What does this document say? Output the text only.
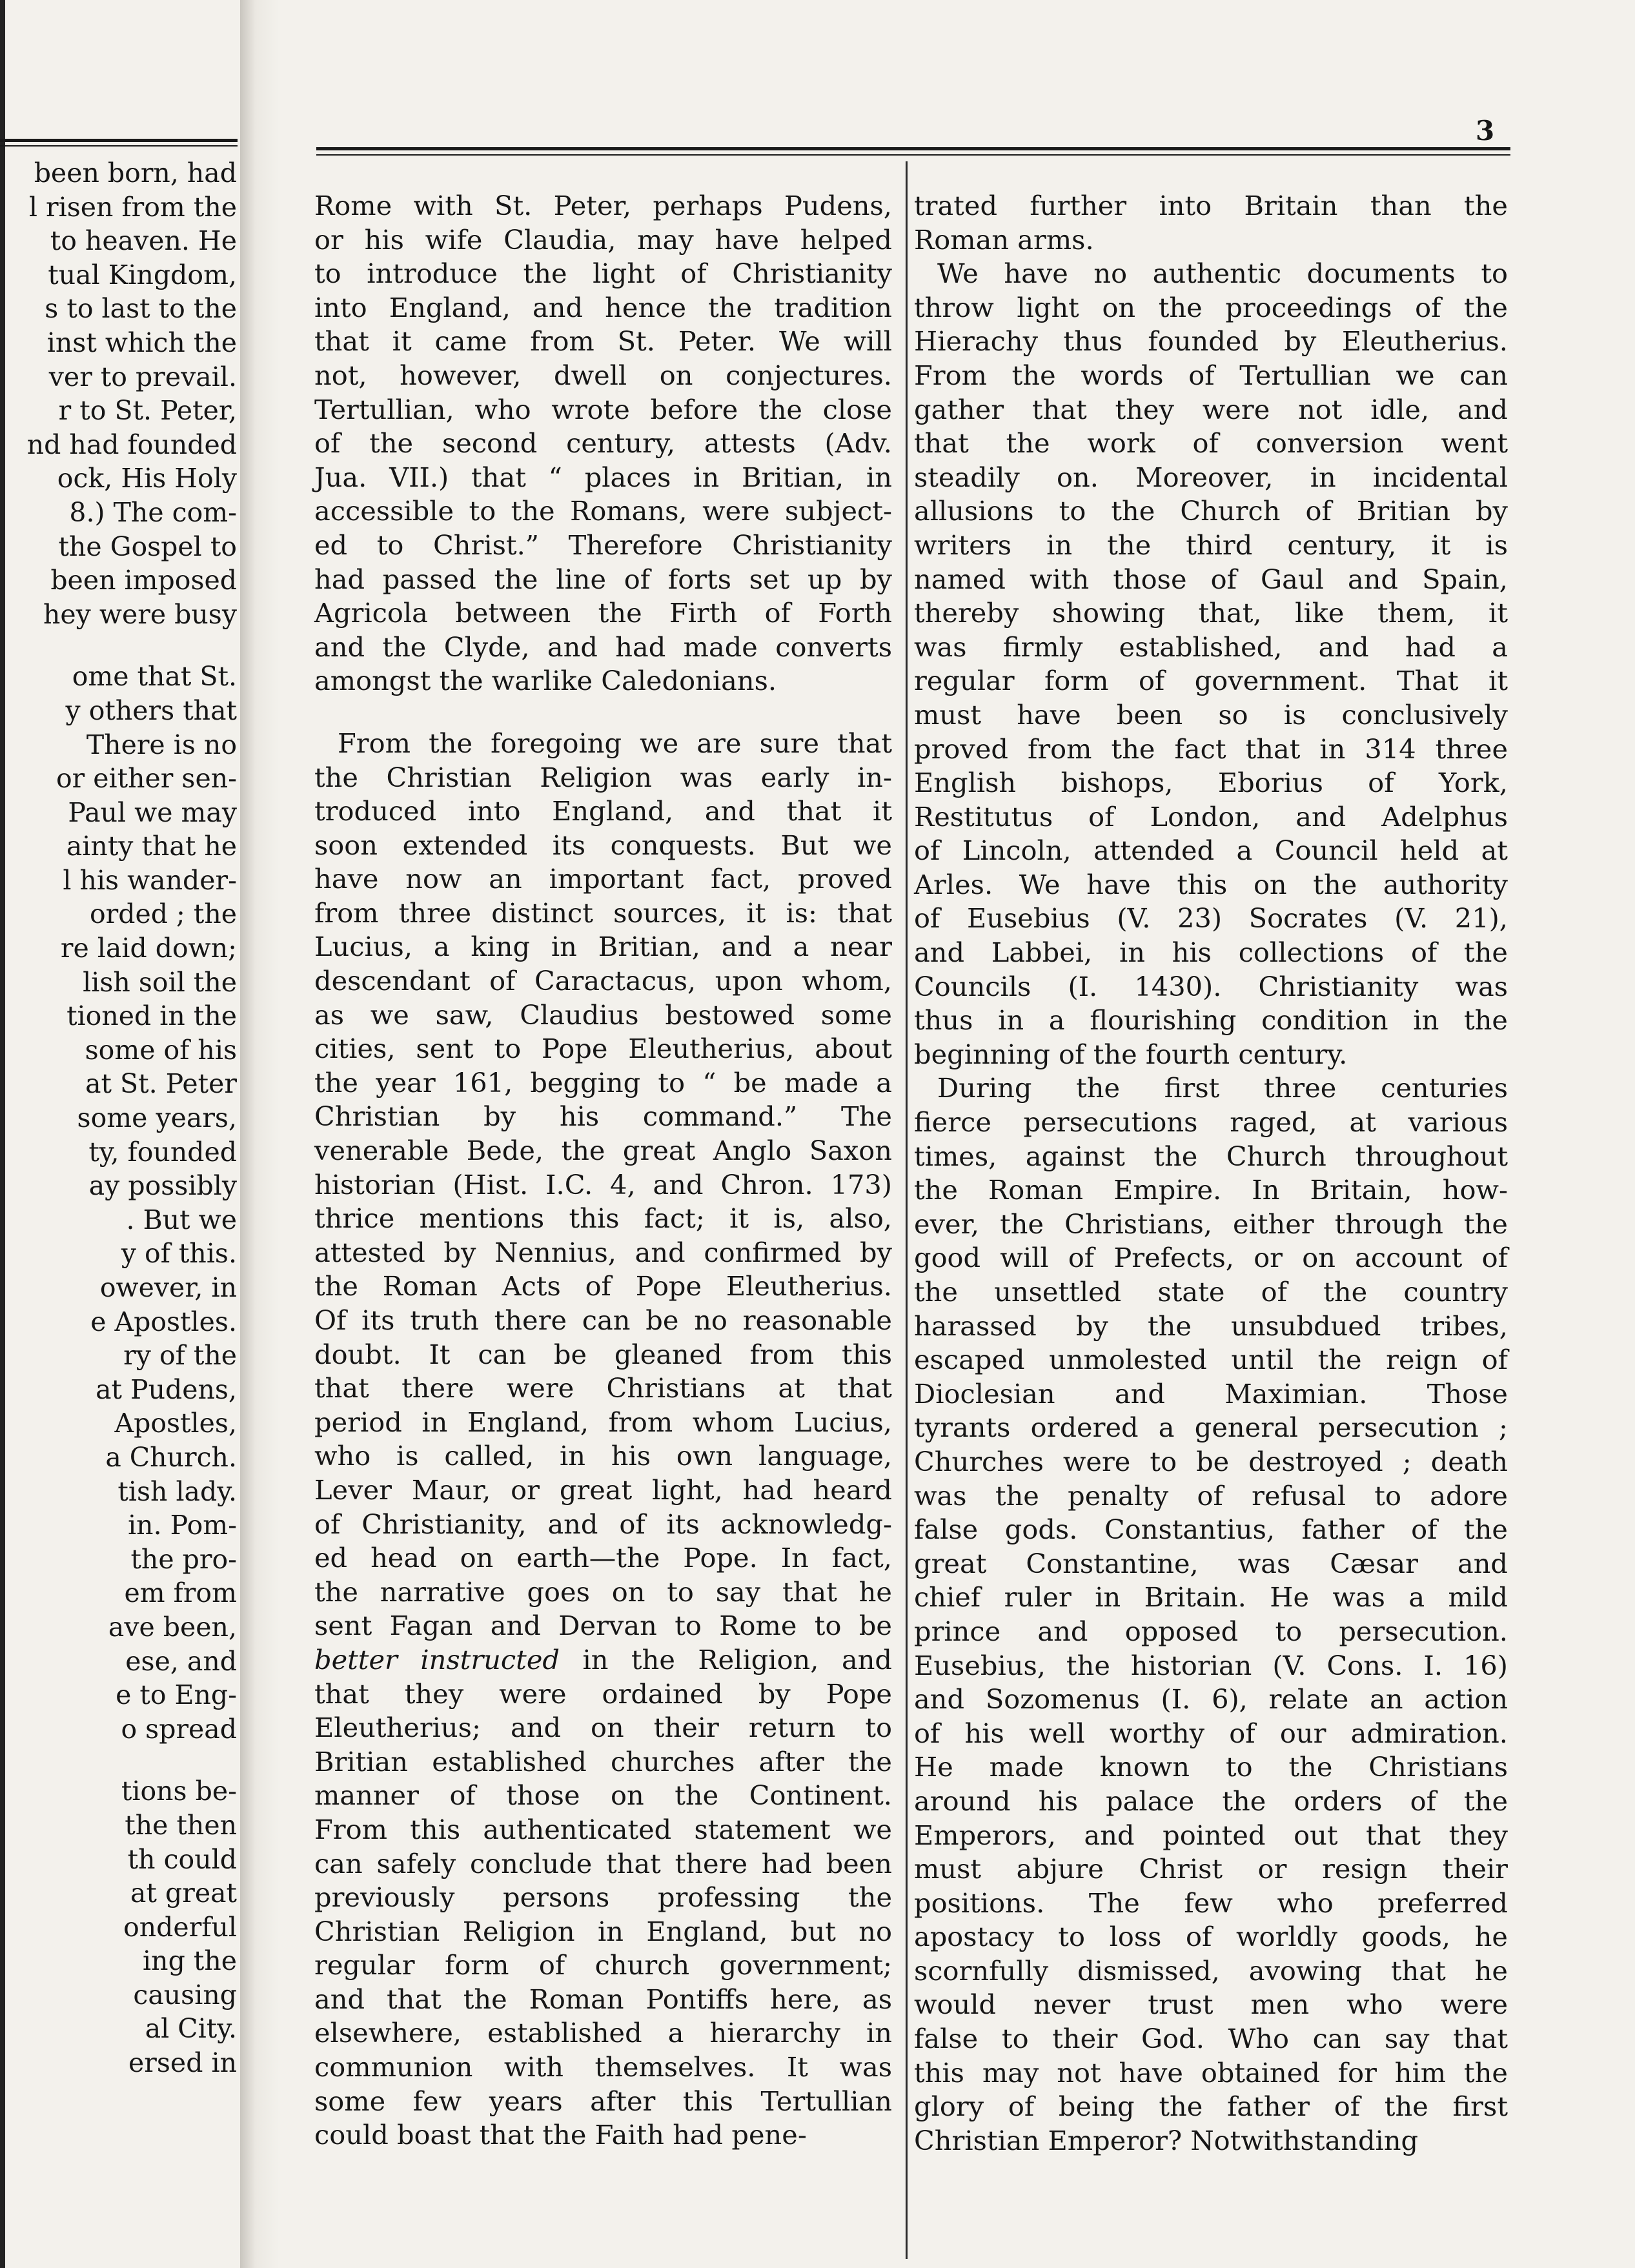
3
been born, had
l risen from the
to heaven. He
tual Kingdom,
s to last to the
inst which the
ver to prevail.
r to St. Peter,
nd had founded
ock, His Holy
8.) The com-
the Gospel to
been imposed
hey were busy
ome that St.
y others that
There is no
or either sen-
Paul we may
ainty that he
l his wander-
orded ; the
re laid down;
lish soil the
tioned in the
some of his
at St. Peter
some years,
ty, founded
ay possibly
. But we
y of this.
owever, in
e Apostles.
ry of the
at Pudens,
Apostles,
a Church.
tish lady.
in. Pom-
the pro-
em from
ave been,
ese, and
e to Eng-
o spread
tions be-
the then
th could
at great
onderful
ing the
causing
al City.
ersed in
Rome with St. Peter, perhaps Pudens,
or his wife Claudia, may have helped
to introduce the light of Christianity
into England, and hence the tradition
that it came from St. Peter. We will
not, however, dwell on conjectures.
Tertullian, who wrote before the close
of the second century, attests (Adv.
Jua. VII.) that “ places in Britian, in
accessible to the Romans, were subject-
ed to Christ.” Therefore Christianity
had passed the line of forts set up by
Agricola between the Firth of Forth
and the Clyde, and had made converts
amongst the warlike Caledonians.
From the foregoing we are sure that
the Christian Religion was early in-
troduced into England, and that it
soon extended its conquests. But we
have now an important fact, proved
from three distinct sources, it is: that
Lucius, a king in Britian, and a near
descendant of Caractacus, upon whom,
as we saw, Claudius bestowed some
cities, sent to Pope Eleutherius, about
the year 161, begging to “ be made a
Christian by his command.” The
venerable Bede, the great Anglo Saxon
historian (Hist. I.C. 4, and Chron. 173)
thrice mentions this fact; it is, also,
attested by Nennius, and confirmed by
the Roman Acts of Pope Eleutherius.
Of its truth there can be no reasonable
doubt. It can be gleaned from this
that there were Christians at that
period in England, from whom Lucius,
who is called, in his own language,
Lever Maur, or great light, had heard
of Christianity, and of its acknowledg-
ed head on earth—the Pope. In fact,
the narrative goes on to say that he
sent Fagan and Dervan to Rome to be
better instructed in the Religion, and
that they were ordained by Pope
Eleutherius; and on their return to
Britian established churches after the
manner of those on the Continent.
From this authenticated statement we
can safely conclude that there had been
previously persons professing the
Christian Religion in England, but no
regular form of church government;
and that the Roman Pontiffs here, as
elsewhere, established a hierarchy in
communion with themselves. It was
some few years after this Tertullian
could boast that the Faith had pene-
trated further into Britain than the
Roman arms.
We have no authentic documents to
throw light on the proceedings of the
Hierachy thus founded by Eleutherius.
From the words of Tertullian we can
gather that they were not idle, and
that the work of conversion went
steadily on. Moreover, in incidental
allusions to the Church of Britian by
writers in the third century, it is
named with those of Gaul and Spain,
thereby showing that, like them, it
was firmly established, and had a
regular form of government. That it
must have been so is conclusively
proved from the fact that in 314 three
English bishops, Eborius of York,
Restitutus of London, and Adelphus
of Lincoln, attended a Council held at
Arles. We have this on the authority
of Eusebius (V. 23) Socrates (V. 21),
and Labbei, in his collections of the
Councils (I. 1430). Christianity was
thus in a flourishing condition in the
beginning of the fourth century.
During the first three centuries
fierce persecutions raged, at various
times, against the Church throughout
the Roman Empire. In Britain, how-
ever, the Christians, either through the
good will of Prefects, or on account of
the unsettled state of the country
harassed by the unsubdued tribes,
escaped unmolested until the reign of
Dioclesian and Maximian. Those
tyrants ordered a general persecution ;
Churches were to be destroyed ; death
was the penalty of refusal to adore
false gods. Constantius, father of the
great Constantine, was Cæsar and
chief ruler in Britain. He was a mild
prince and opposed to persecution.
Eusebius, the historian (V. Cons. I. 16)
and Sozomenus (I. 6), relate an action
of his well worthy of our admiration.
He made known to the Christians
around his palace the orders of the
Emperors, and pointed out that they
must abjure Christ or resign their
positions. The few who preferred
apostacy to loss of worldly goods, he
scornfully dismissed, avowing that he
would never trust men who were
false to their God. Who can say that
this may not have obtained for him the
glory of being the father of the first
Christian Emperor? Notwithstanding
